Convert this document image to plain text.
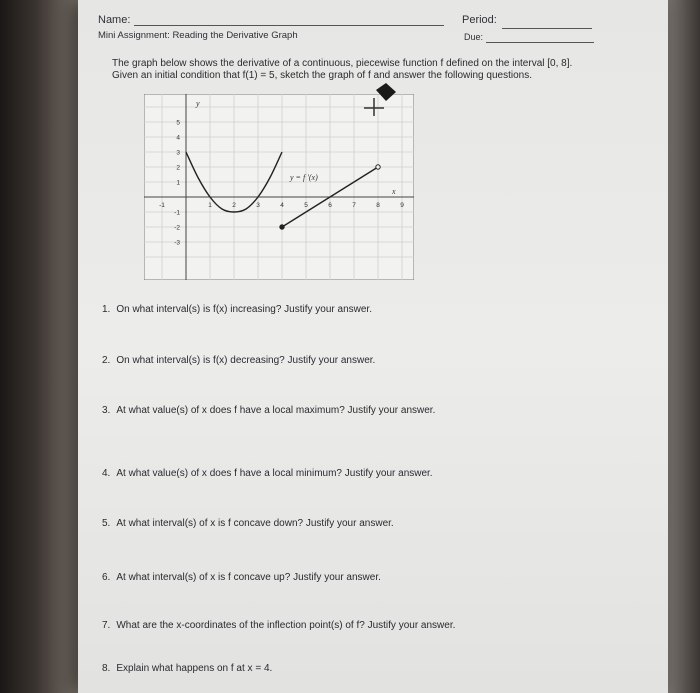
Name:	Period:
Mini Assignment: Reading the Derivative Graph	Due:
The graph below shows the derivative of a continuous, piecewise function f defined on the interval [0, 8].
Given an initial condition that f(1) = 5, sketch the graph of f and answer the following questions.
-1	1	2	3	4	5	6	7	8	9
5
4
3
2
1
-1
-2
-3
y = f '(x)
x
y
1. On what interval(s) is f(x) increasing? Justify your answer.
2. On what interval(s) is f(x) decreasing? Justify your answer.
3. At what value(s) of x does f have a local maximum? Justify your answer.
4. At what value(s) of x does f have a local minimum? Justify your answer.
5. At what interval(s) of x is f concave down? Justify your answer.
6. At what interval(s) of x is f concave up? Justify your answer.
7. What are the x-coordinates of the inflection point(s) of f? Justify your answer.
8. Explain what happens on f at x = 4.
